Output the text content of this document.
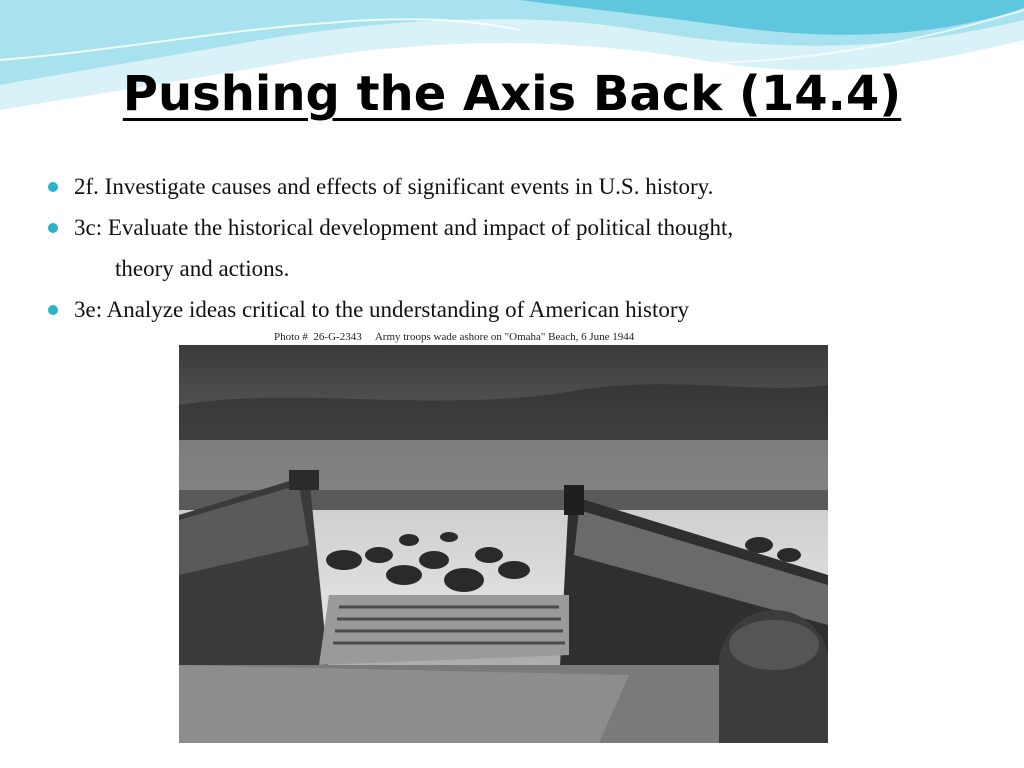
Pushing the Axis Back (14.4)
2f. Investigate causes and effects of significant events in U.S. history.
3c: Evaluate the historical development and impact of political thought,
theory and actions.
3e: Analyze ideas critical to the understanding of American history
Photo #  26-G-2343     Army troops wade ashore on "Omaha" Beach, 6 June 1944
